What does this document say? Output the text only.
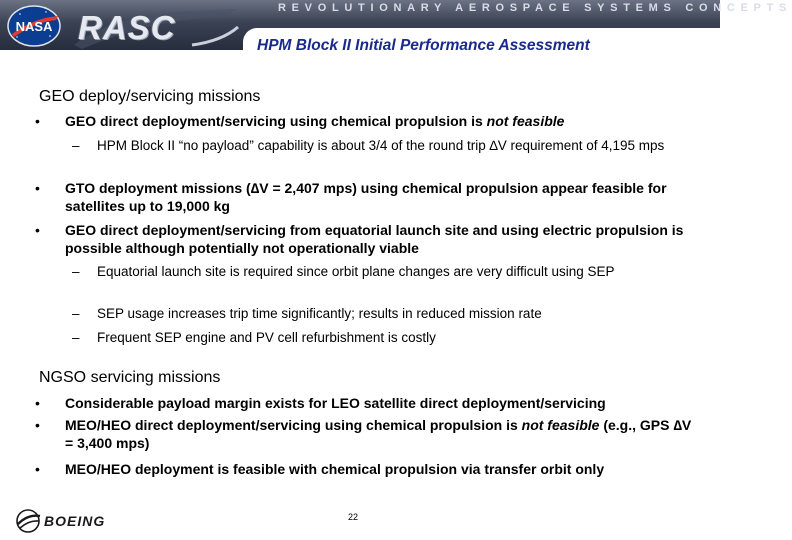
REVOLUTIONARY AEROSPACE SYSTEMS CONCEPTS
NASA RASC	HPM Block II Initial Performance Assessment
GEO deploy/servicing missions
• GEO direct deployment/servicing using chemical propulsion is not feasible
– HPM Block II “no payload” capability is about 3/4 of the round trip ∆V requirement of 4,195 mps
• GTO deployment missions (∆V = 2,407 mps) using chemical propulsion appear feasible for satellites up to 19,000 kg
• GEO direct deployment/servicing from equatorial launch site and using electric propulsion is possible although potentially not operationally viable
– Equatorial launch site is required since orbit plane changes are very difficult using SEP
– SEP usage increases trip time significantly; results in reduced mission rate
– Frequent SEP engine and PV cell refurbishment is costly
NGSO servicing missions
• Considerable payload margin exists for LEO satellite direct deployment/servicing
• MEO/HEO direct deployment/servicing using chemical propulsion is not feasible (e.g., GPS ∆V = 3,400 mps)
• MEO/HEO deployment is feasible with chemical propulsion via transfer orbit only
BOEING	22
